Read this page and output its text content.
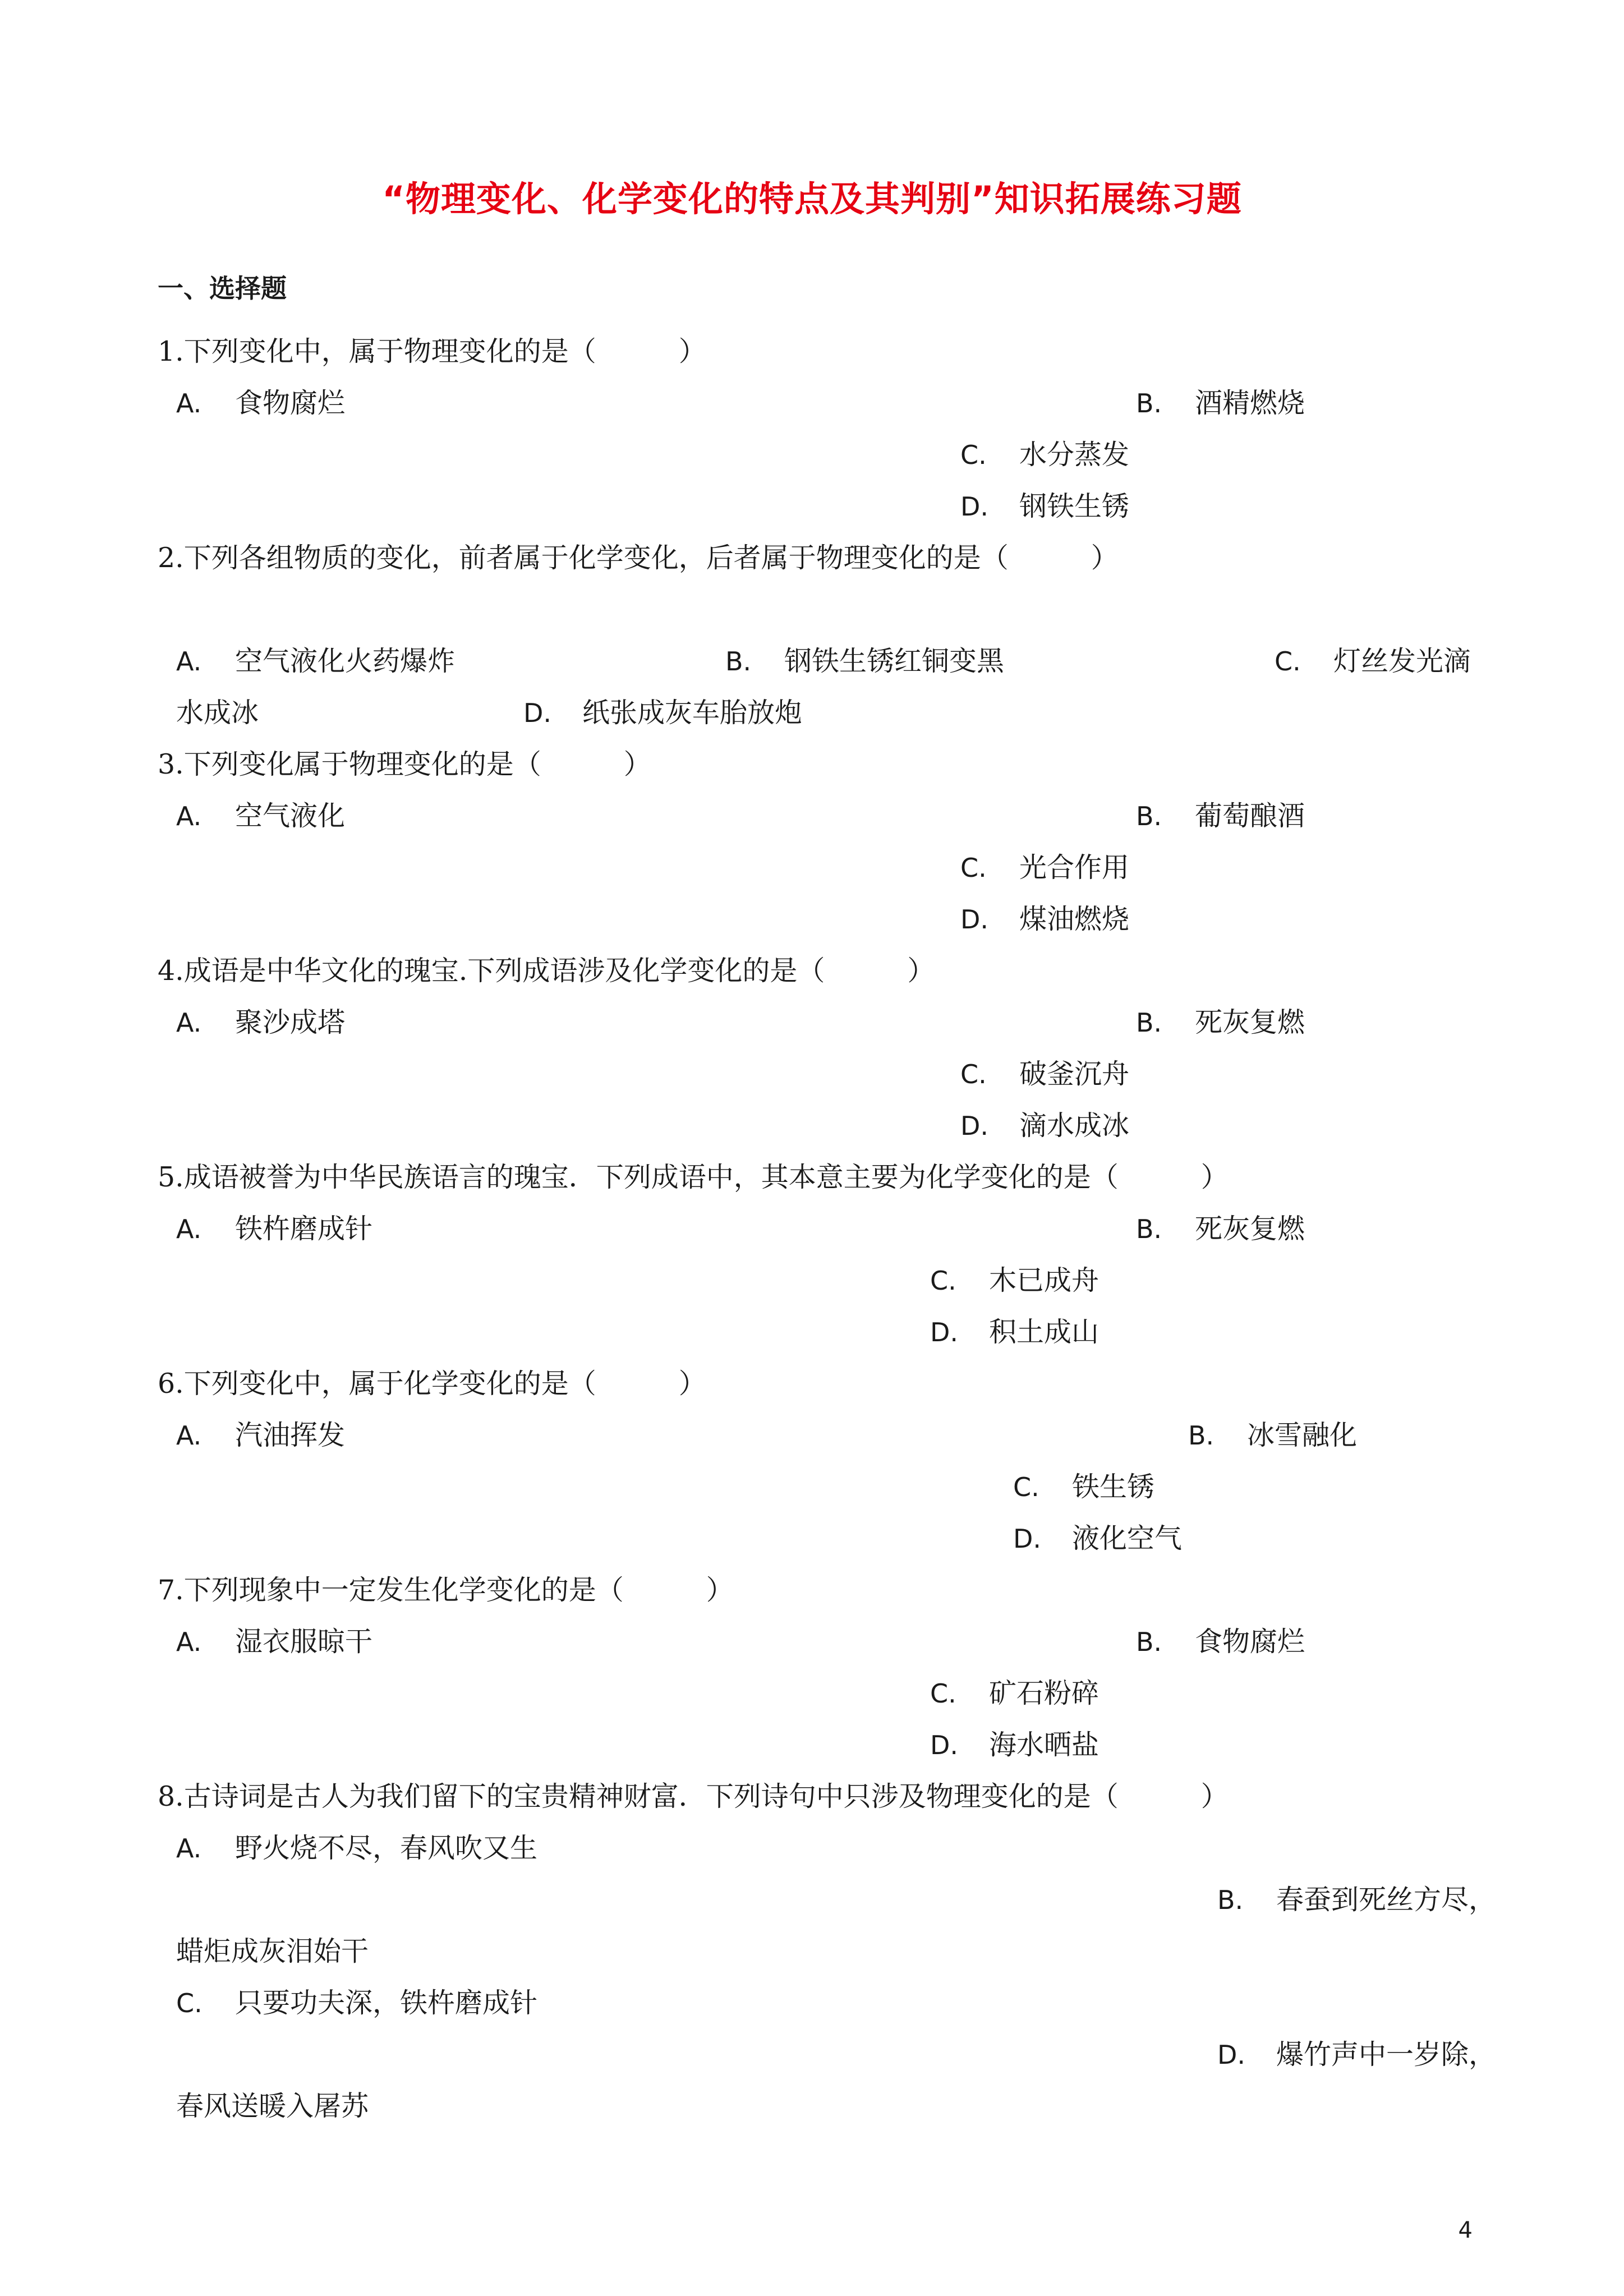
“物理变化、化学变化的特点及其判别”知识拓展练习题
一、选择题
1.下列变化中，属于物理变化的是（　　　）
A. 食物腐烂	B. 酒精燃烧
C. 水分蒸发
D. 钢铁生锈
2.下列各组物质的变化，前者属于化学变化，后者属于物理变化的是（　　　）
A. 空气液化火药爆炸	B. 钢铁生锈红铜变黑	C. 灯丝发光滴
水成冰	D. 纸张成灰车胎放炮
3.下列变化属于物理变化的是（　　　）
A. 空气液化	B. 葡萄酿酒
C. 光合作用
D. 煤油燃烧
4.成语是中华文化的瑰宝.下列成语涉及化学变化的是（　　　）
A. 聚沙成塔	B. 死灰复燃
C. 破釜沉舟
D. 滴水成冰
5.成语被誉为中华民族语言的瑰宝．下列成语中，其本意主要为化学变化的是（　　　）
A. 铁杵磨成针	B. 死灰复燃
C. 木已成舟
D. 积土成山
6.下列变化中，属于化学变化的是（　　　）
A. 汽油挥发	B. 冰雪融化
C. 铁生锈
D. 液化空气
7.下列现象中一定发生化学变化的是（　　　）
A. 湿衣服晾干	B. 食物腐烂
C. 矿石粉碎
D. 海水晒盐
8.古诗词是古人为我们留下的宝贵精神财富．下列诗句中只涉及物理变化的是（　　　）
A. 野火烧不尽，春风吹又生
B. 春蚕到死丝方尽，
蜡炬成灰泪始干
C. 只要功夫深，铁杵磨成针
D. 爆竹声中一岁除，
春风送暖入屠苏
4
